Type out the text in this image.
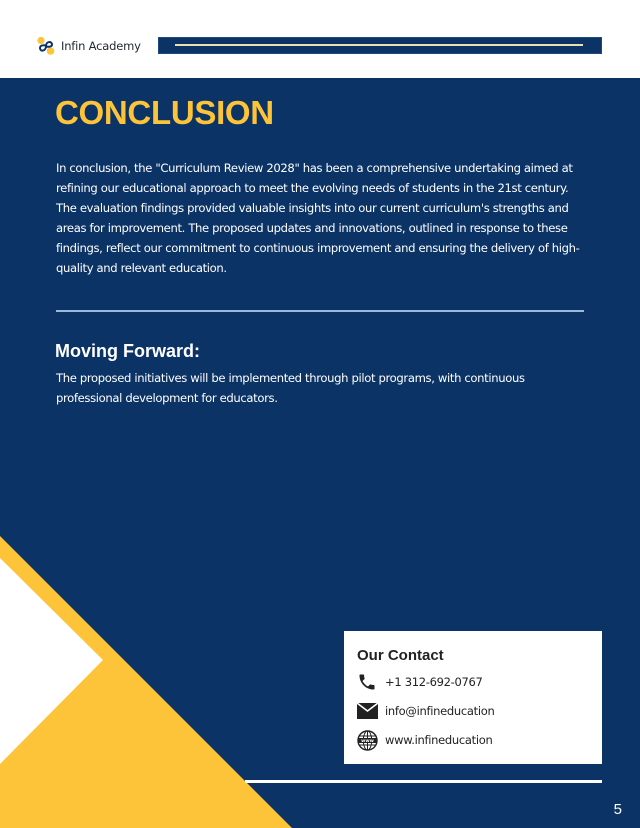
Infin Academy
CONCLUSION

In conclusion, the "Curriculum Review 2028" has been a comprehensive undertaking aimed at refining our educational approach to meet the evolving needs of students in the 21st century. The evaluation findings provided valuable insights into our current curriculum's strengths and areas for improvement. The proposed updates and innovations, outlined in response to these findings, reflect our commitment to continuous improvement and ensuring the delivery of high-quality and relevant education.

Moving Forward:

The proposed initiatives will be implemented through pilot programs, with continuous professional development for educators.

Our Contact
+1 312-692-0767
info@infineducation
www www.infineducation
5
